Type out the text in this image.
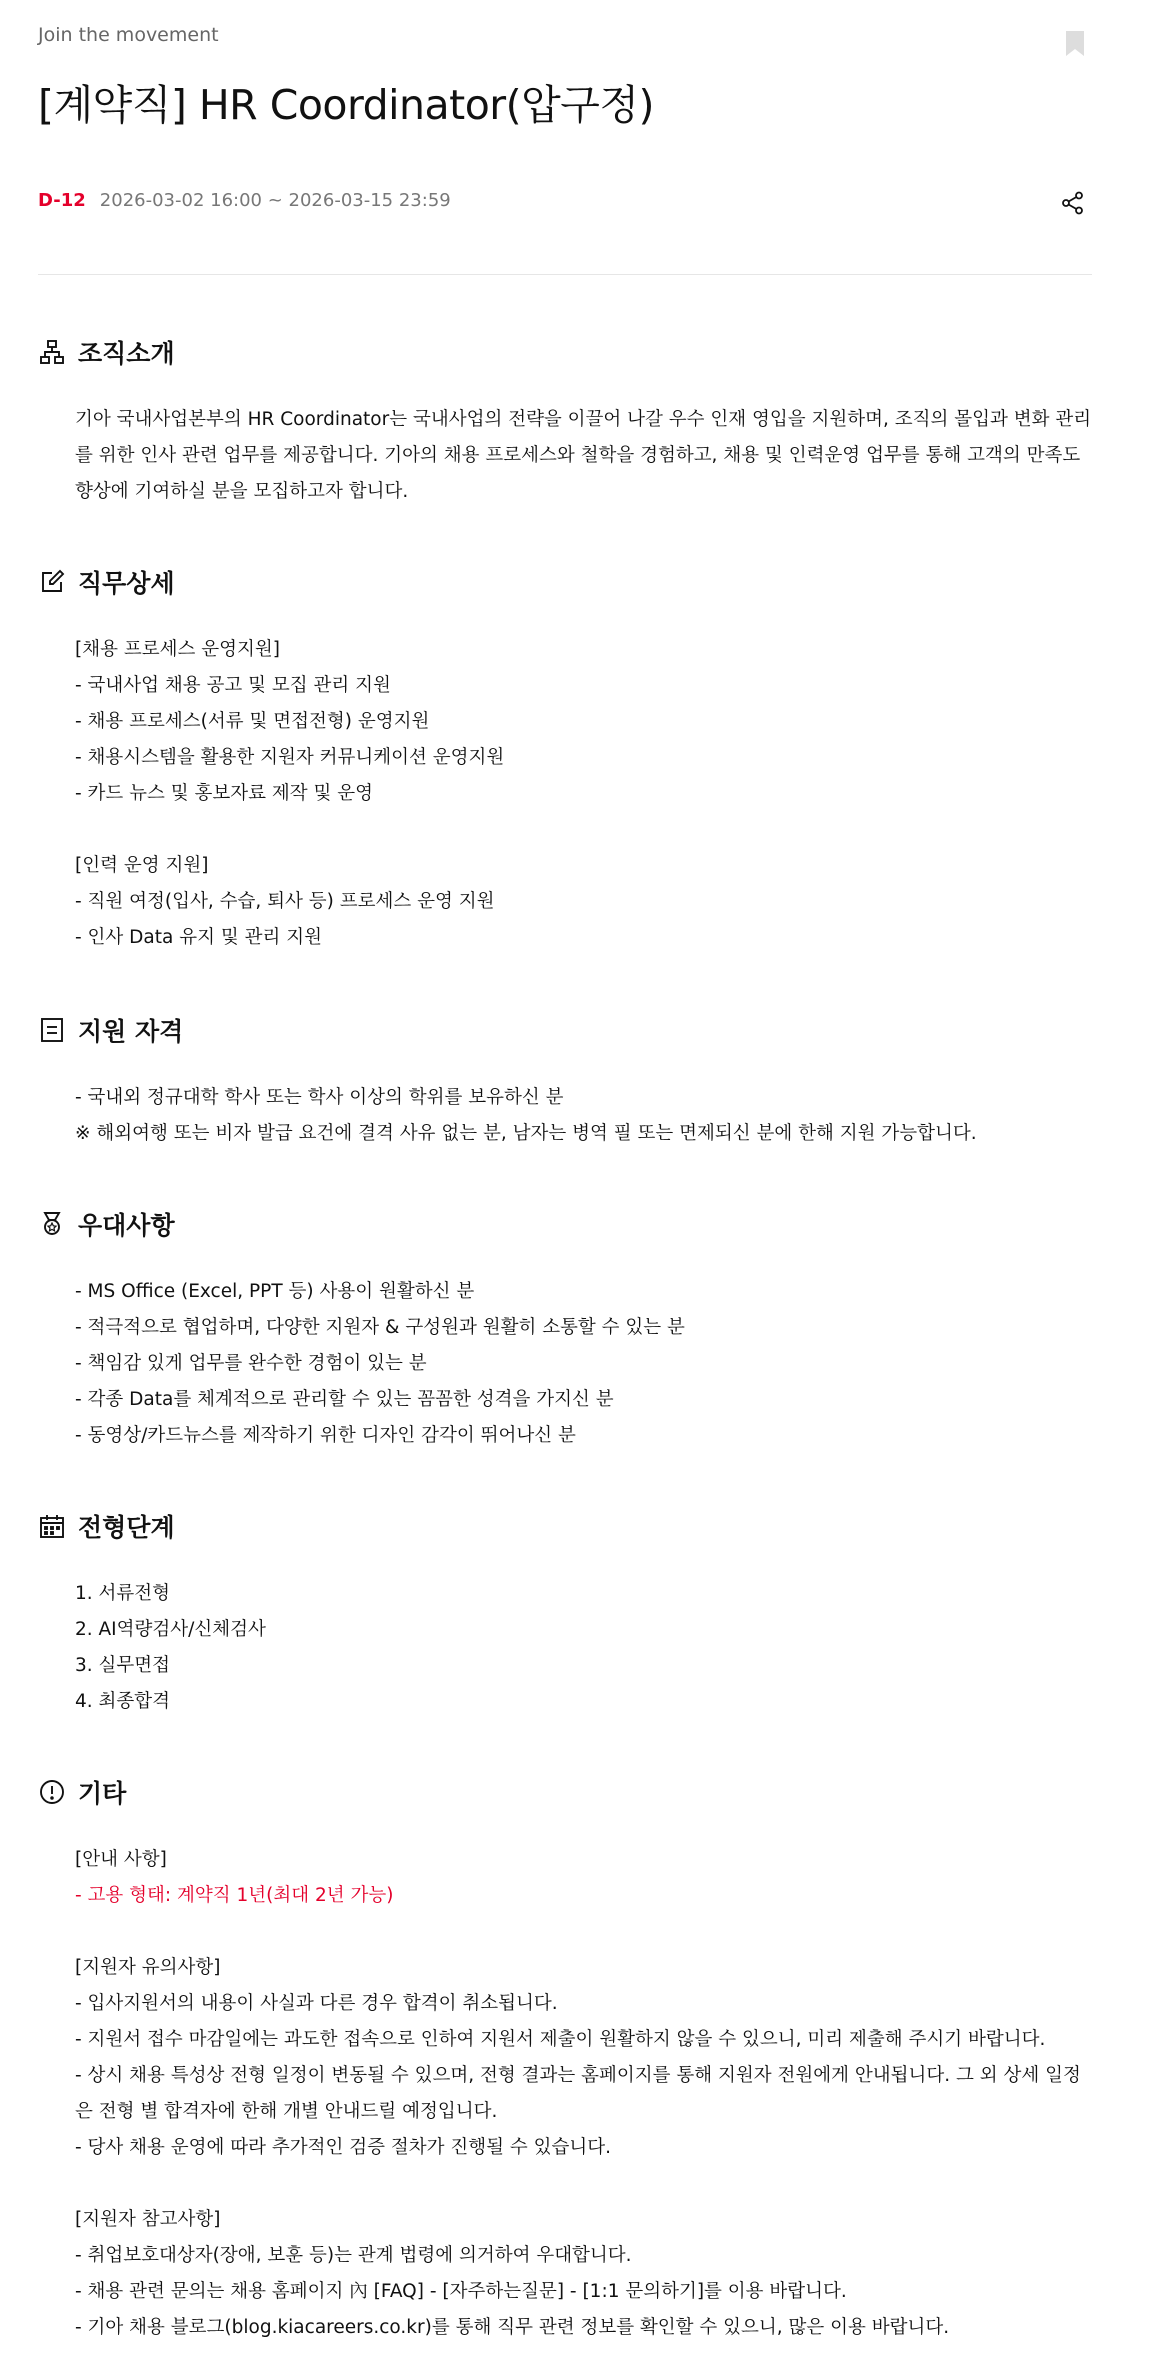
Join the movement
[계약직] HR Coordinator(압구정)
D-12 2026-03-02 16:00 ~ 2026-03-15 23:59
조직소개

기아 국내사업본부의 HR Coordinator는 국내사업의 전략을 이끌어 나갈 우수 인재 영입을 지원하며, 조직의 몰입과 변화 관리를 위한 인사 관련 업무를 제공합니다. 기아의 채용 프로세스와 철학을 경험하고, 채용 및 인력운영 업무를 통해 고객의 만족도 향상에 기여하실 분을 모집하고자 합니다.

직무상세

[채용 프로세스 운영지원]

- 국내사업 채용 공고 및 모집 관리 지원

- 채용 프로세스(서류 및 면접전형) 운영지원

- 채용시스템을 활용한 지원자 커뮤니케이션 운영지원

- 카드 뉴스 및 홍보자료 제작 및 운영

[인력 운영 지원]

- 직원 여정(입사, 수습, 퇴사 등) 프로세스 운영 지원

- 인사 Data 유지 및 관리 지원

지원 자격

- 국내외 정규대학 학사 또는 학사 이상의 학위를 보유하신 분

※ 해외여행 또는 비자 발급 요건에 결격 사유 없는 분, 남자는 병역 필 또는 면제되신 분에 한해 지원 가능합니다.

우대사항

- MS Office (Excel, PPT 등) 사용이 원활하신 분

- 적극적으로 협업하며, 다양한 지원자 & 구성원과 원활히 소통할 수 있는 분

- 책임감 있게 업무를 완수한 경험이 있는 분

- 각종 Data를 체계적으로 관리할 수 있는 꼼꼼한 성격을 가지신 분

- 동영상/카드뉴스를 제작하기 위한 디자인 감각이 뛰어나신 분

전형단계

1. 서류전형

2. AI역량검사/신체검사

3. 실무면접

4. 최종합격

기타

[안내 사항]

- 고용 형태: 계약직 1년(최대 2년 가능)

[지원자 유의사항]

- 입사지원서의 내용이 사실과 다른 경우 합격이 취소됩니다.

- 지원서 접수 마감일에는 과도한 접속으로 인하여 지원서 제출이 원활하지 않을 수 있으니, 미리 제출해 주시기 바랍니다.

- 상시 채용 특성상 전형 일정이 변동될 수 있으며, 전형 결과는 홈페이지를 통해 지원자 전원에게 안내됩니다. 그 외 상세 일정은 전형 별 합격자에 한해 개별 안내드릴 예정입니다.

- 당사 채용 운영에 따라 추가적인 검증 절차가 진행될 수 있습니다.

[지원자 참고사항]

- 취업보호대상자(장애, 보훈 등)는 관계 법령에 의거하여 우대합니다.

- 채용 관련 문의는 채용 홈페이지 內 [FAQ] - [자주하는질문] - [1:1 문의하기]를 이용 바랍니다.

- 기아 채용 블로그(blog.kiacareers.co.kr)를 통해 직무 관련 정보를 확인할 수 있으니, 많은 이용 바랍니다.
